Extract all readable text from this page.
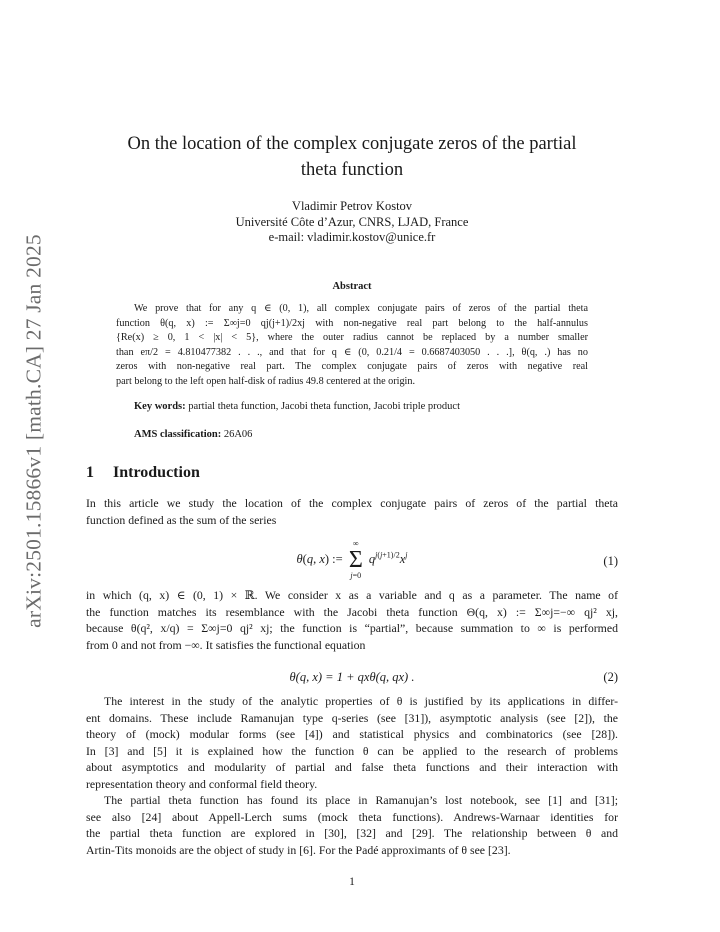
arXiv:2501.15866v1 [math.CA] 27 Jan 2025
On the location of the complex conjugate zeros of the partial
theta function
Vladimir Petrov Kostov
Université Côte d’Azur, CNRS, LJAD, France
e-mail: vladimir.kostov@unice.fr
Abstract
We prove that for any q ∈ (0, 1), all complex conjugate pairs of zeros of the partial theta
function θ(q, x) := Σ∞j=0 qj(j+1)/2xj with non-negative real part belong to the half-annulus
{Re(x) ≥ 0, 1 < |x| < 5}, where the outer radius cannot be replaced by a number smaller
than eπ/2 = 4.810477382 . . ., and that for q ∈ (0, 0.21/4 = 0.6687403050 . . .], θ(q, .) has no
zeros with non-negative real part. The complex conjugate pairs of zeros with negative real
part belong to the left open half-disk of radius 49.8 centered at the origin.
Key words: partial theta function, Jacobi theta function, Jacobi triple product
AMS classification: 26A06
1 Introduction
In this article we study the location of the complex conjugate pairs of zeros of the partial theta
function defined as the sum of the series
θ(q, x) :=
∞
Σ
j=0
$q^{j(j+1)/2}x^j$	(1)
in which (q, x) ∈ (0, 1) × ℝ. We consider x as a variable and q as a parameter. The name of
the function matches its resemblance with the Jacobi theta function Θ(q, x) := Σ∞j=−∞ qj² xj,
because θ(q², x/q) = Σ∞j=0 qj² xj; the function is “partial”, because summation to ∞ is performed
from 0 and not from −∞. It satisfies the functional equation
θ(q, x) = 1 + qxθ(q, qx) .	(2)
The interest in the study of the analytic properties of θ is justified by its applications in differ-
ent domains. These include Ramanujan type q-series (see [31]), asymptotic analysis (see [2]), the
theory of (mock) modular forms (see [4]) and statistical physics and combinatorics (see [28]).
In [3] and [5] it is explained how the function θ can be applied to the research of problems
about asymptotics and modularity of partial and false theta functions and their interaction with
representation theory and conformal field theory.
The partial theta function has found its place in Ramanujan’s lost notebook, see [1] and [31];
see also [24] about Appell-Lerch sums (mock theta functions). Andrews-Warnaar identities for
the partial theta function are explored in [30], [32] and [29]. The relationship between θ and
Artin-Tits monoids are the object of study in [6]. For the Padé approximants of θ see [23].
1
